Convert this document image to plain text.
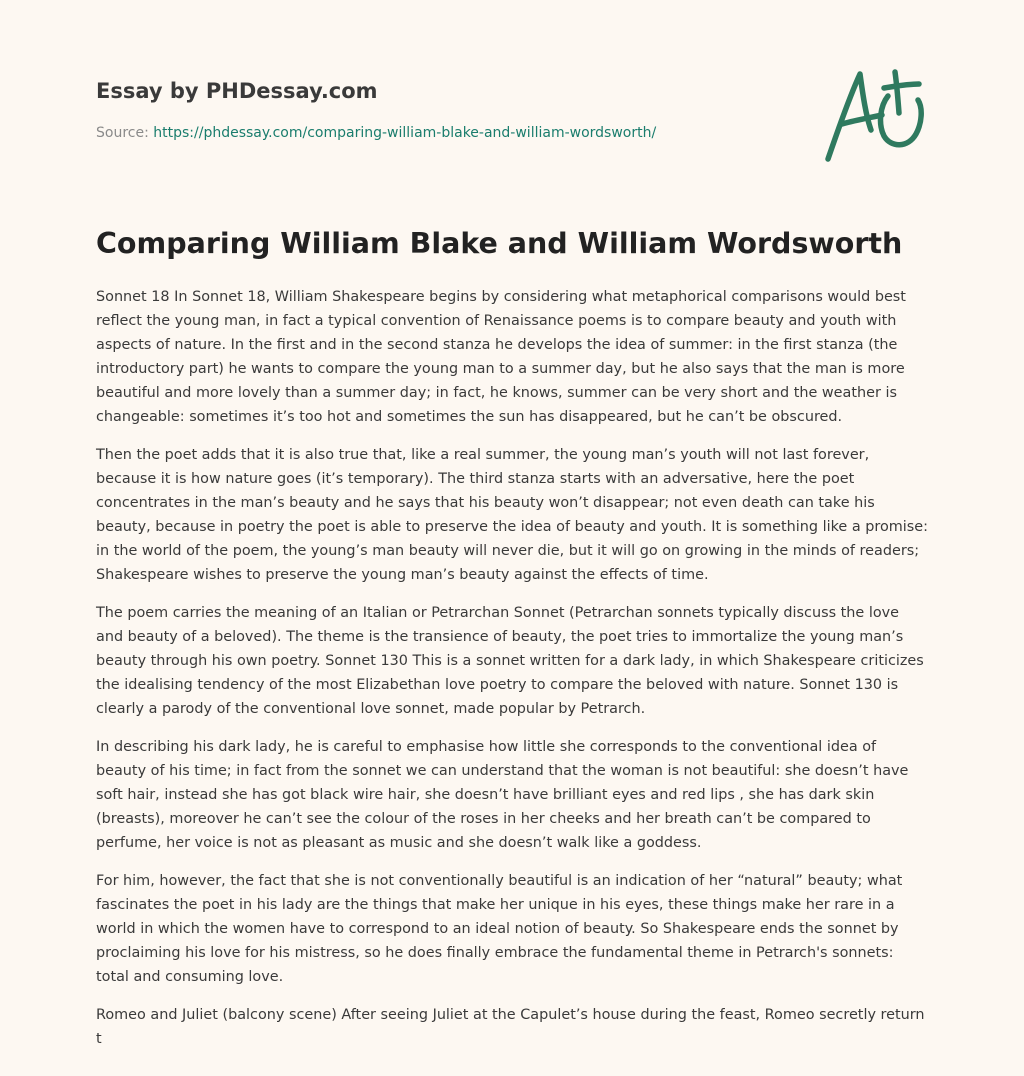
Essay by PHDessay.com
Source: https://phdessay.com/comparing-william-blake-and-william-wordsworth/
Comparing William Blake and William Wordsworth

Sonnet 18 In Sonnet 18, William Shakespeare begins by considering what metaphorical comparisons would best reflect the young man, in fact a typical convention of Renaissance poems is to compare beauty and youth with aspects of nature. In the first and in the second stanza he develops the idea of summer: in the first stanza (the introductory part) he wants to compare the young man to a summer day, but he also says that the man is more beautiful and more lovely than a summer day; in fact, he knows, summer can be very short and the weather is changeable: sometimes it’s too hot and sometimes the sun has disappeared, but he can’t be obscured.

Then the poet adds that it is also true that, like a real summer, the young man’s youth will not last forever, because it is how nature goes (it’s temporary). The third stanza starts with an adversative, here the poet concentrates in the man’s beauty and he says that his beauty won’t disappear; not even death can take his beauty, because in poetry the poet is able to preserve the idea of beauty and youth. It is something like a promise: in the world of the poem, the young’s man beauty will never die, but it will go on growing in the minds of readers; Shakespeare wishes to preserve the young man’s beauty against the effects of time.

The poem carries the meaning of an Italian or Petrarchan Sonnet (Petrarchan sonnets typically discuss the love and beauty of a beloved). The theme is the transience of beauty, the poet tries to immortalize the young man’s beauty through his own poetry. Sonnet 130 This is a sonnet written for a dark lady, in which Shakespeare criticizes the idealising tendency of the most Elizabethan love poetry to compare the beloved with nature. Sonnet 130 is clearly a parody of the conventional love sonnet, made popular by Petrarch.

In describing his dark lady, he is careful to emphasise how little she corresponds to the conventional idea of beauty of his time; in fact from the sonnet we can understand that the woman is not beautiful: she doesn’t have soft hair, instead she has got black wire hair, she doesn’t have brilliant eyes and red lips , she has dark skin (breasts), moreover he can’t see the colour of the roses in her cheeks and her breath can’t be compared to perfume, her voice is not as pleasant as music and she doesn’t walk like a goddess.

For him, however, the fact that she is not conventionally beautiful is an indication of her “natural” beauty; what fascinates the poet in his lady are the things that make her unique in his eyes, these things make her rare in a world in which the women have to correspond to an ideal notion of beauty. So Shakespeare ends the sonnet by proclaiming his love for his mistress, so he does finally embrace the fundamental theme in Petrarch's sonnets: total and consuming love.

Romeo and Juliet (balcony scene) After seeing Juliet at the Capulet’s house during the feast, Romeo secretly return t
